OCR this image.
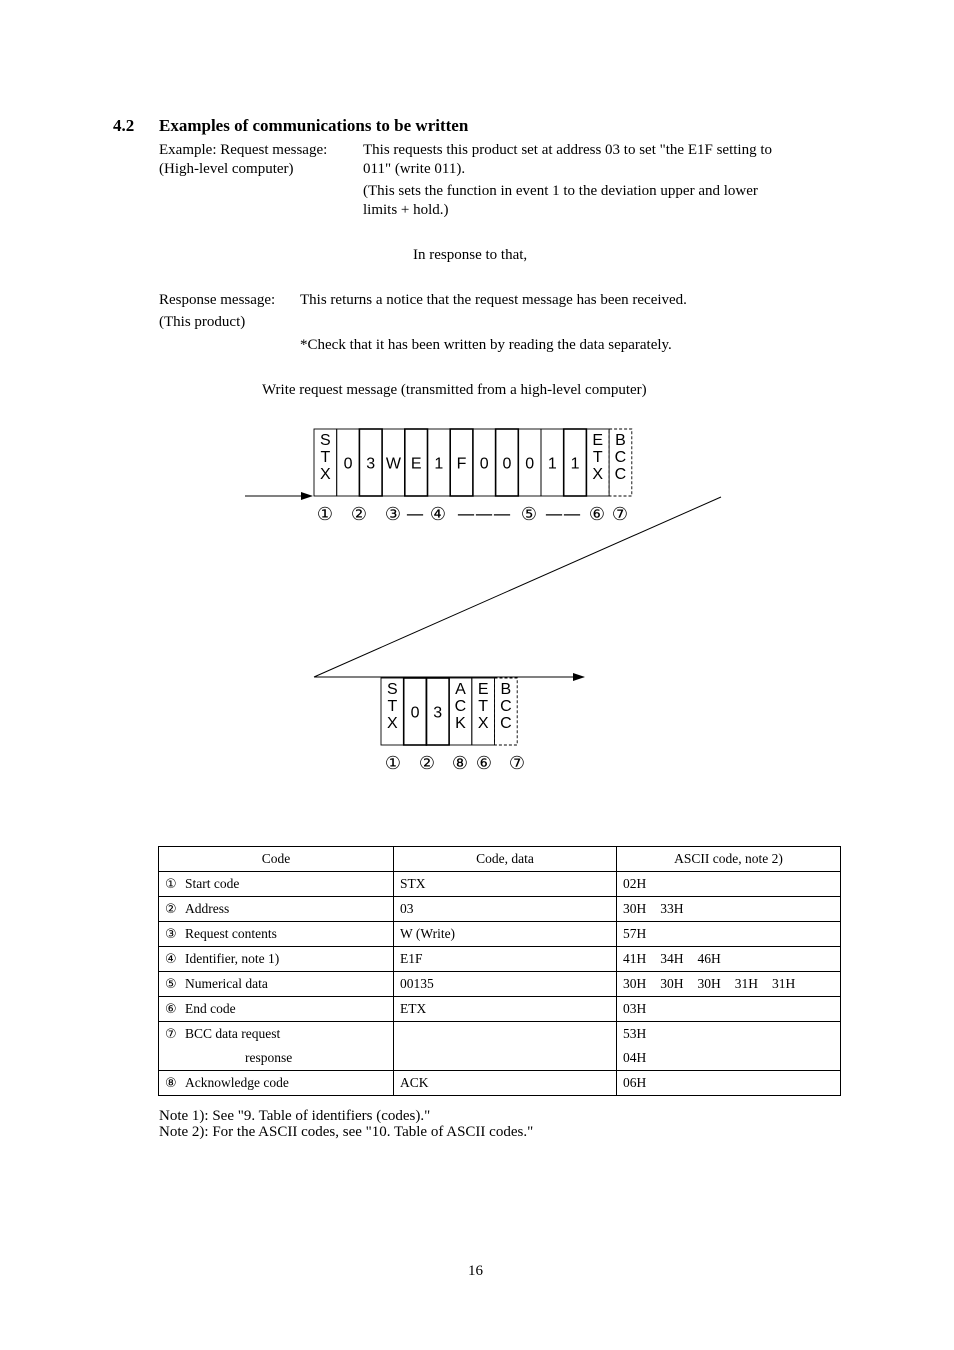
4.2 Examples of communications to be written
Example: Request message:
(High-level computer)
This requests this product set at address 03 to set "the E1F setting to
011" (write 011).
(This sets the function in event 1 to the deviation upper and lower
limits + hold.)
In response to that,
Response message:
(This product)
This returns a notice that the request message has been received.
*Check that it has been written by reading the data separately.
Write request message (transmitted from a high-level computer)
S
T
X
0 3 W E 1 F 0 0 0 1 1
E
T
X
B
C
C
① ② ③ — ④ ——— ⑤ —— ⑥ ⑦
S
T
X
0 3
A
C
K
E
T
X
B
C
C
① ② ⑧ ⑥ ⑦
Code	Code, data	ASCII code, note 2)
① Start code	STX	02H
② Address	03	30H 33H
③ Request contents	W (Write)	57H
④ Identifier, note 1)	E1F	41H 34H 46H
⑤ Numerical data	00135	30H 30H 30H 31H 31H
⑥ End code	ETX	03H
⑦ BCC data request		53H
response		04H
⑧ Acknowledge code	ACK	06H
Note 1): See "9. Table of identifiers (codes)."
Note 2): For the ASCII codes, see "10. Table of ASCII codes."
16
